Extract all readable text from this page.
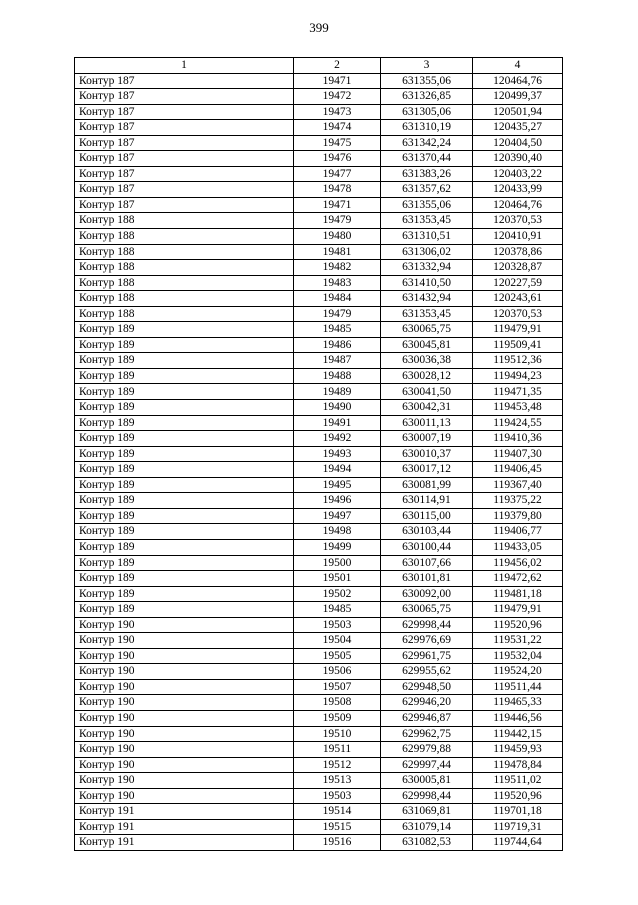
399
1	2	3	4
Контур 187	19471	631355,06	120464,76
Контур 187	19472	631326,85	120499,37
Контур 187	19473	631305,06	120501,94
Контур 187	19474	631310,19	120435,27
Контур 187	19475	631342,24	120404,50
Контур 187	19476	631370,44	120390,40
Контур 187	19477	631383,26	120403,22
Контур 187	19478	631357,62	120433,99
Контур 187	19471	631355,06	120464,76
Контур 188	19479	631353,45	120370,53
Контур 188	19480	631310,51	120410,91
Контур 188	19481	631306,02	120378,86
Контур 188	19482	631332,94	120328,87
Контур 188	19483	631410,50	120227,59
Контур 188	19484	631432,94	120243,61
Контур 188	19479	631353,45	120370,53
Контур 189	19485	630065,75	119479,91
Контур 189	19486	630045,81	119509,41
Контур 189	19487	630036,38	119512,36
Контур 189	19488	630028,12	119494,23
Контур 189	19489	630041,50	119471,35
Контур 189	19490	630042,31	119453,48
Контур 189	19491	630011,13	119424,55
Контур 189	19492	630007,19	119410,36
Контур 189	19493	630010,37	119407,30
Контур 189	19494	630017,12	119406,45
Контур 189	19495	630081,99	119367,40
Контур 189	19496	630114,91	119375,22
Контур 189	19497	630115,00	119379,80
Контур 189	19498	630103,44	119406,77
Контур 189	19499	630100,44	119433,05
Контур 189	19500	630107,66	119456,02
Контур 189	19501	630101,81	119472,62
Контур 189	19502	630092,00	119481,18
Контур 189	19485	630065,75	119479,91
Контур 190	19503	629998,44	119520,96
Контур 190	19504	629976,69	119531,22
Контур 190	19505	629961,75	119532,04
Контур 190	19506	629955,62	119524,20
Контур 190	19507	629948,50	119511,44
Контур 190	19508	629946,20	119465,33
Контур 190	19509	629946,87	119446,56
Контур 190	19510	629962,75	119442,15
Контур 190	19511	629979,88	119459,93
Контур 190	19512	629997,44	119478,84
Контур 190	19513	630005,81	119511,02
Контур 190	19503	629998,44	119520,96
Контур 191	19514	631069,81	119701,18
Контур 191	19515	631079,14	119719,31
Контур 191	19516	631082,53	119744,64
